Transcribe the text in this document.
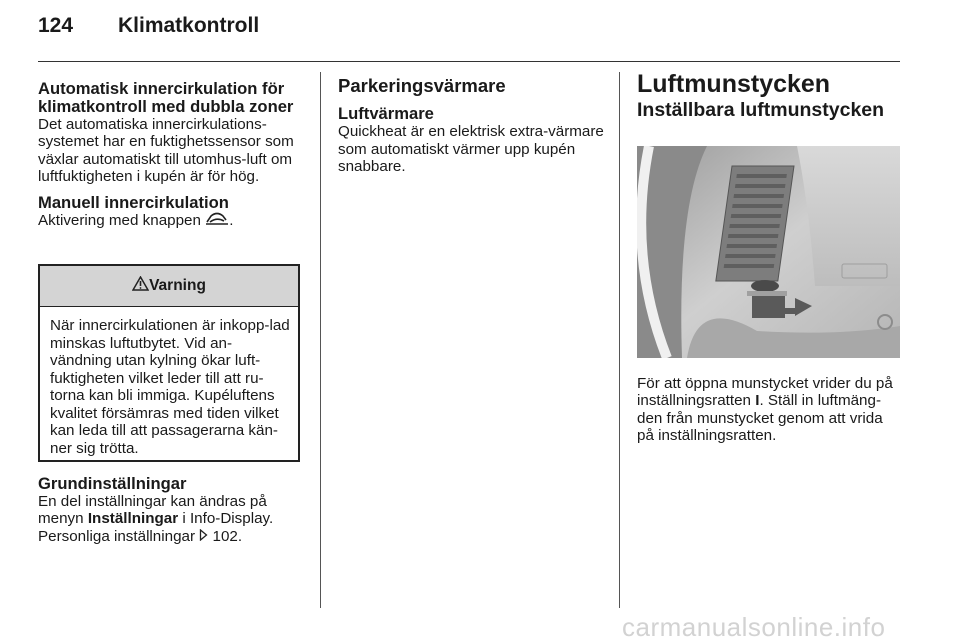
124 Klimatkontroll
Automatisk innercirkulation för klimatkontroll med dubbla zoner

Det automatiska innercirkulations-systemet har en fuktighetssensor som växlar automatiskt till utomhus-luft om luftfuktigheten i kupén är för hög.

Manuell innercirkulation

Aktivering med knappen .

Varning
När innercirkulationen är inkopp-lad minskas luftutbytet. Vid an-vändning utan kylning ökar luft-fuktigheten vilket leder till att ru-torna kan bli immiga. Kupéluftens kvalitet försämras med tiden vilket kan leda till att passagerarna kän-ner sig trötta.
Grundinställningar

En del inställningar kan ändras på menyn Inställningar i Info-Display. Personliga inställningar 102.

Parkeringsvärmare
Luftvärmare

Quickheat är en elektrisk extra-värmare som automatiskt värmer upp kupén snabbare.

Luftmunstycken
Inställbara luftmunstycken

För att öppna munstycket vrider du på inställningsratten I. Ställ in luftmäng-den från munstycket genom att vrida på inställningsratten.

carmanualsonline.info
